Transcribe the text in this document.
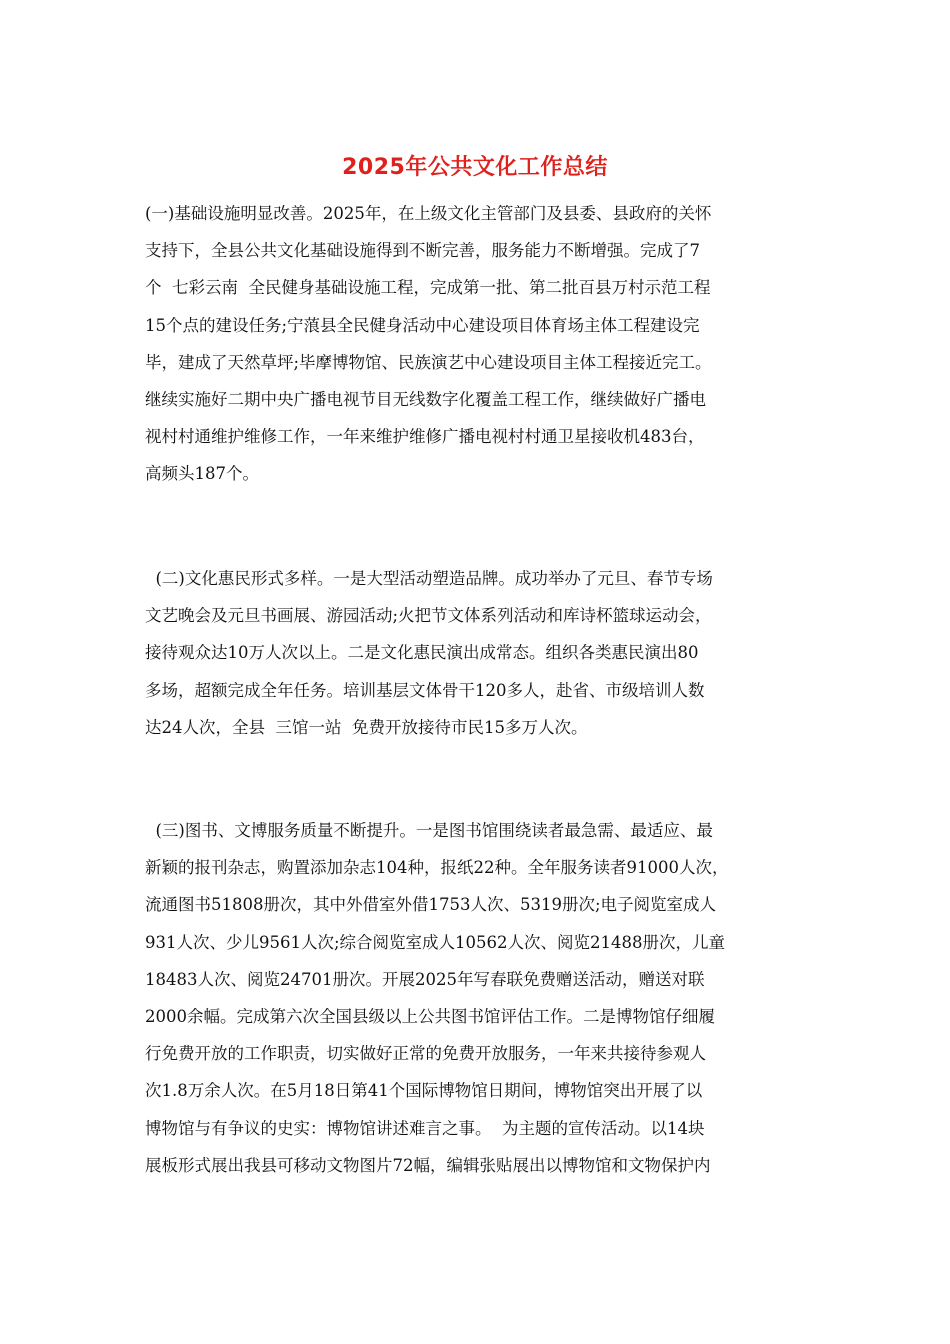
2025年公共文化工作总结
(一)基础设施明显改善。2025年，在上级文化主管部门及县委、县政府的关怀
支持下，全县公共文化基础设施得到不断完善，服务能力不断增强。完成了7
个  七彩云南  全民健身基础设施工程，完成第一批、第二批百县万村示范工程
15个点的建设任务;宁蒗县全民健身活动中心建设项目体育场主体工程建设完
毕，建成了天然草坪;毕摩博物馆、民族演艺中心建设项目主体工程接近完工。
继续实施好二期中央广播电视节目无线数字化覆盖工程工作，继续做好广播电
视村村通维护维修工作，一年来维护维修广播电视村村通卫星接收机483台，
高频头187个。
(二)文化惠民形式多样。一是大型活动塑造品牌。成功举办了元旦、春节专场
文艺晚会及元旦书画展、游园活动;火把节文体系列活动和库诗杯篮球运动会，
接待观众达10万人次以上。二是文化惠民演出成常态。组织各类惠民演出80
多场，超额完成全年任务。培训基层文体骨干120多人，赴省、市级培训人数
达24人次，全县  三馆一站  免费开放接待市民15多万人次。
(三)图书、文博服务质量不断提升。一是图书馆围绕读者最急需、最适应、最
新颖的报刊杂志，购置添加杂志104种，报纸22种。全年服务读者91000人次，
流通图书51808册次，其中外借室外借1753人次、5319册次;电子阅览室成人
931人次、少儿9561人次;综合阅览室成人10562人次、阅览21488册次，儿童
18483人次、阅览24701册次。开展2025年写春联免费赠送活动，赠送对联
2000余幅。完成第六次全国县级以上公共图书馆评估工作。二是博物馆仔细履
行免费开放的工作职责，切实做好正常的免费开放服务，一年来共接待参观人
次1.8万余人次。在5月18日第41个国际博物馆日期间，博物馆突出开展了以
博物馆与有争议的史实：博物馆讲述难言之事。  为主题的宣传活动。以14块
展板形式展出我县可移动文物图片72幅，编辑张贴展出以博物馆和文物保护内
